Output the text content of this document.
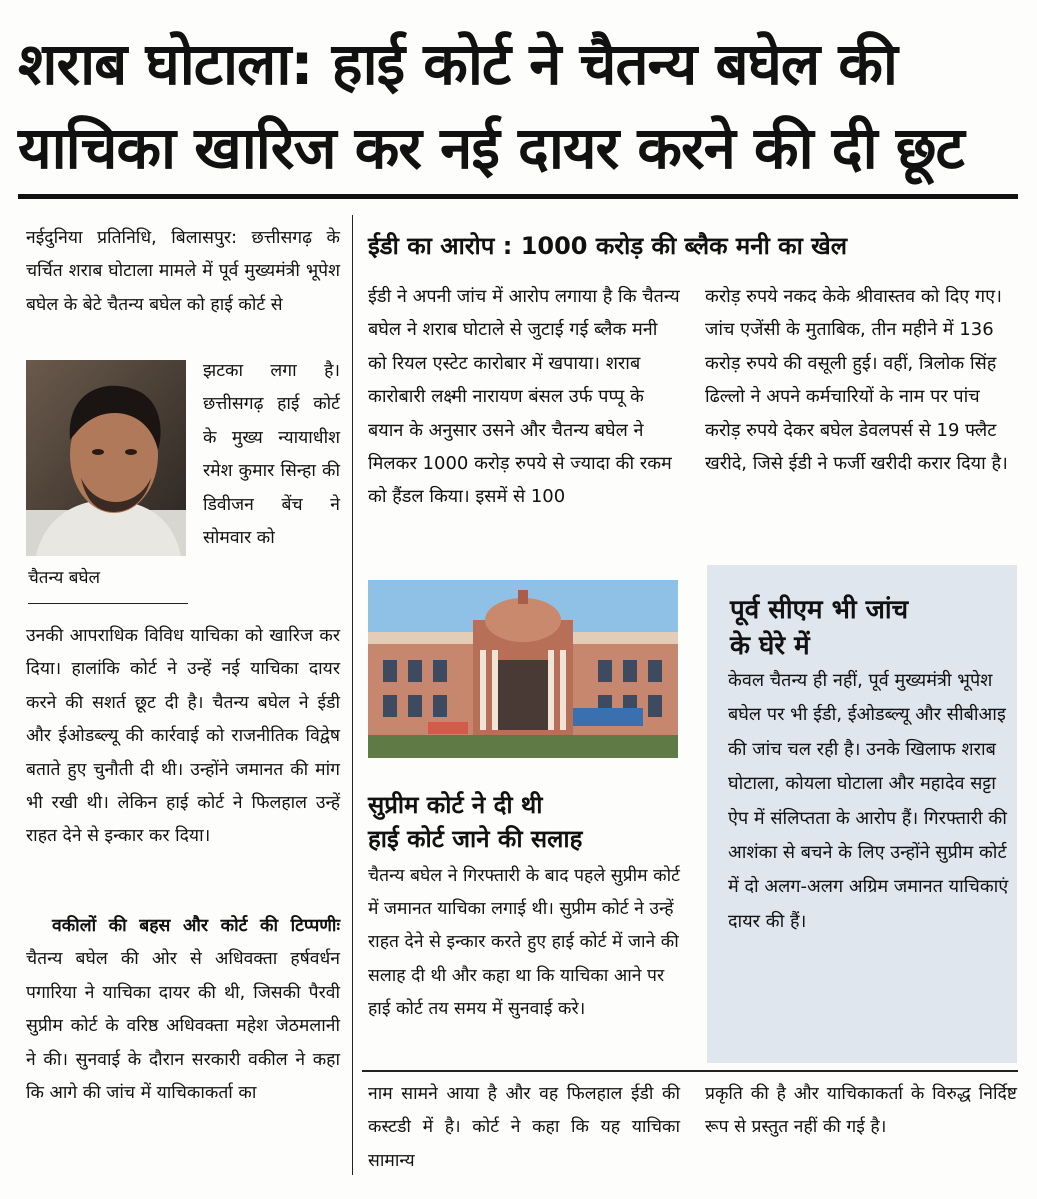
शराब घोटाला: हाई कोर्ट ने चैतन्य बघेल की
याचिका खारिज कर नई दायर करने की दी छूट
नईदुनिया प्रतिनिधि, बिलासपुर: छत्तीसगढ़ के चर्चित शराब घोटाला मामले में पूर्व मुख्यमंत्री भूपेश बघेल के बेटे चैतन्य बघेल को हाई कोर्ट से
झटका लगा है। छत्तीसगढ़ हाई कोर्ट के मुख्य न्यायाधीश रमेश कुमार सिन्हा की डिवीजन बेंच ने सोमवार को
चैतन्य बघेल
उनकी आपराधिक विविध याचिका को खारिज कर दिया। हालांकि कोर्ट ने उन्हें नई याचिका दायर करने की सशर्त छूट दी है। चैतन्य बघेल ने ईडी और ईओडब्ल्यू की कार्रवाई को राजनीतिक विद्वेष बताते हुए चुनौती दी थी। उन्होंने जमानत की मांग भी रखी थी। लेकिन हाई कोर्ट ने फिलहाल उन्हें राहत देने से इन्कार कर दिया।
वकीलों की बहस और कोर्ट की टिप्पणीः चैतन्य बघेल की ओर से अधिवक्ता हर्षवर्धन पगारिया ने याचिका दायर की थी, जिसकी पैरवी सुप्रीम कोर्ट के वरिष्ठ अधिवक्ता महेश जेठमलानी ने की। सुनवाई के दौरान सरकारी वकील ने कहा कि आगे की जांच में याचिकाकर्ता का
ईडी का आरोप : 1000 करोड़ की ब्लैक मनी का खेल
ईडी ने अपनी जांच में आरोप लगाया है कि चैतन्य बघेल ने शराब घोटाले से जुटाई गई ब्लैक मनी को रियल एस्टेट कारोबार में खपाया। शराब कारोबारी लक्ष्मी नारायण बंसल उर्फ पप्पू के बयान के अनुसार उसने और चैतन्य बघेल ने मिलकर 1000 करोड़ रुपये से ज्यादा की रकम को हैंडल किया। इसमें से 100
करोड़ रुपये नकद केके श्रीवास्तव को दिए गए। जांच एजेंसी के मुताबिक, तीन महीने में 136 करोड़ रुपये की वसूली हुई। वहीं, त्रिलोक सिंह ढिल्लो ने अपने कर्मचारियों के नाम पर पांच करोड़ रुपये देकर बघेल डेवलपर्स से 19 फ्लैट खरीदे, जिसे ईडी ने फर्जी खरीदी करार दिया है।
सुप्रीम कोर्ट ने दी थी
हाई कोर्ट जाने की सलाह
चैतन्य बघेल ने गिरफ्तारी के बाद पहले सुप्रीम कोर्ट में जमानत याचिका लगाई थी। सुप्रीम कोर्ट ने उन्हें राहत देने से इन्कार करते हुए हाई कोर्ट में जाने की सलाह दी थी और कहा था कि याचिका आने पर हाई कोर्ट तय समय में सुनवाई करे।
पूर्व सीएम भी जांच
के घेरे में
केवल चैतन्य ही नहीं, पूर्व मुख्यमंत्री भूपेश बघेल पर भी ईडी, ईओडब्ल्यू और सीबीआइ की जांच चल रही है। उनके खिलाफ शराब घोटाला, कोयला घोटाला और महादेव सट्टा ऐप में संलिप्तता के आरोप हैं। गिरफ्तारी की आशंका से बचने के लिए उन्होंने सुप्रीम कोर्ट में दो अलग-अलग अग्रिम जमानत याचिकाएं दायर की हैं।
नाम सामने आया है और वह फिलहाल ईडी की कस्टडी में है। कोर्ट ने कहा कि यह याचिका सामान्य
प्रकृति की है और याचिकाकर्ता के विरुद्ध निर्दिष्ट रूप से प्रस्तुत नहीं की गई है।
